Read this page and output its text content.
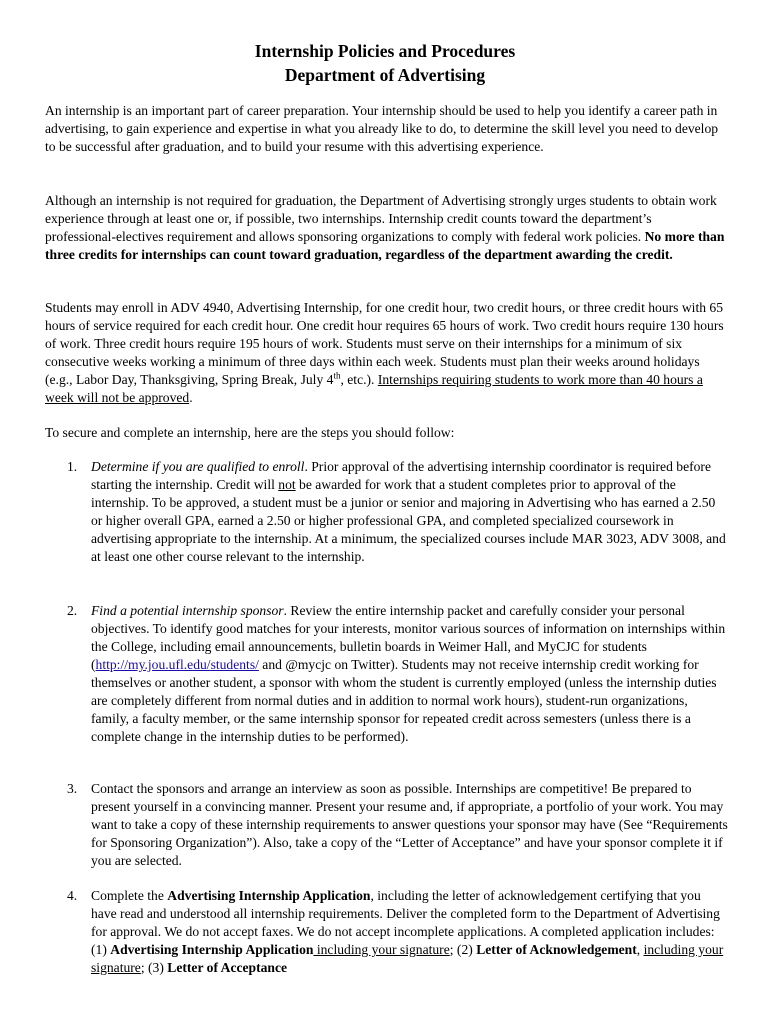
Internship Policies and Procedures
Department of Advertising

An internship is an important part of career preparation. Your internship should be used to help you identify a career path in advertising, to gain experience and expertise in what you already like to do, to determine the skill level you need to develop to be successful after graduation, and to build your resume with this advertising experience.

Although an internship is not required for graduation, the Department of Advertising strongly urges students to obtain work experience through at least one or, if possible, two internships. Internship credit counts toward the department’s professional-electives requirement and allows sponsoring organizations to comply with federal work policies. No more than three credits for internships can count toward graduation, regardless of the department awarding the credit.

Students may enroll in ADV 4940, Advertising Internship, for one credit hour, two credit hours, or three credit hours with 65 hours of service required for each credit hour. One credit hour requires 65 hours of work. Two credit hours require 130 hours of work. Three credit hours require 195 hours of work. Students must serve on their internships for a minimum of six consecutive weeks working a minimum of three days within each week. Students must plan their weeks around holidays (e.g., Labor Day, Thanksgiving, Spring Break, July 4th, etc.). Internships requiring students to work more than 40 hours a week will not be approved.

To secure and complete an internship, here are the steps you should follow:

1. Determine if you are qualified to enroll. Prior approval of the advertising internship coordinator is required before starting the internship. Credit will not be awarded for work that a student completes prior to approval of the internship. To be approved, a student must be a junior or senior and majoring in Advertising who has earned a 2.50 or higher overall GPA, earned a 2.50 or higher professional GPA, and completed specialized coursework in advertising appropriate to the internship. At a minimum, the specialized courses include MAR 3023, ADV 3008, and at least one other course relevant to the internship.
2. Find a potential internship sponsor. Review the entire internship packet and carefully consider your personal objectives. To identify good matches for your interests, monitor various sources of information on internships within the College, including email announcements, bulletin boards in Weimer Hall, and MyCJC for students (http://my.jou.ufl.edu/students/ and @mycjc on Twitter). Students may not receive internship credit working for themselves or another student, a sponsor with whom the student is currently employed (unless the internship duties are completely different from normal duties and in addition to normal work hours), student-run organizations, family, a faculty member, or the same internship sponsor for repeated credit across semesters (unless there is a complete change in the internship duties to be performed).
3. Contact the sponsors and arrange an interview as soon as possible. Internships are competitive! Be prepared to present yourself in a convincing manner. Present your resume and, if appropriate, a portfolio of your work. You may want to take a copy of these internship requirements to answer questions your sponsor may have (See “Requirements for Sponsoring Organization”). Also, take a copy of the “Letter of Acceptance” and have your sponsor complete it if you are selected.
4. Complete the Advertising Internship Application, including the letter of acknowledgement certifying that you have read and understood all internship requirements. Deliver the completed form to the Department of Advertising for approval. We do not accept faxes. We do not accept incomplete applications. A completed application includes: (1) Advertising Internship Application including your signature; (2) Letter of Acknowledgement, including your signature; (3) Letter of Acceptance
